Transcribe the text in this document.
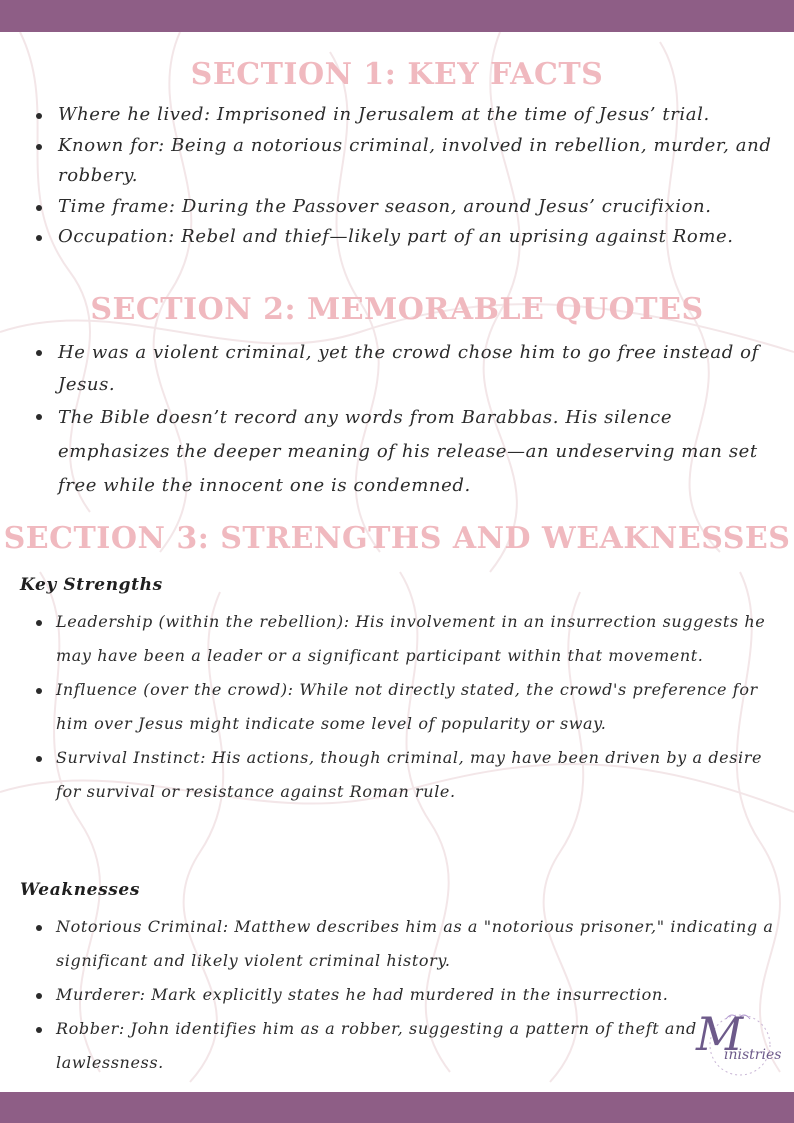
SECTION 1: KEY FACTS
Where he lived: Imprisoned in Jerusalem at the time of Jesus’ trial.
Known for: Being a notorious criminal, involved in rebellion, murder, and robbery.
Time frame: During the Passover season, around Jesus’ crucifixion.
Occupation: Rebel and thief—likely part of an uprising against Rome.
SECTION 2: MEMORABLE QUOTES
He was a violent criminal, yet the crowd chose him to go free instead of Jesus.
The Bible doesn’t record any words from Barabbas. His silence emphasizes the deeper meaning of his release—an undeserving man set free while the innocent one is condemned.
SECTION 3: STRENGTHS AND WEAKNESSES

Key Strengths

Leadership (within the rebellion): His involvement in an insurrection suggests he may have been a leader or a significant participant within that movement.
Influence (over the crowd): While not directly stated, the crowd's preference for him over Jesus might indicate some level of popularity or sway.
Survival Instinct: His actions, though criminal, may have been driven by a desire for survival or resistance against Roman rule.

Weaknesses

Notorious Criminal: Matthew describes him as a "notorious prisoner," indicating a significant and likely violent criminal history.
Murderer: Mark explicitly states he had murdered in the insurrection.
Robber: John identifies him as a robber, suggesting a pattern of theft and lawlessness.
M
inistries
